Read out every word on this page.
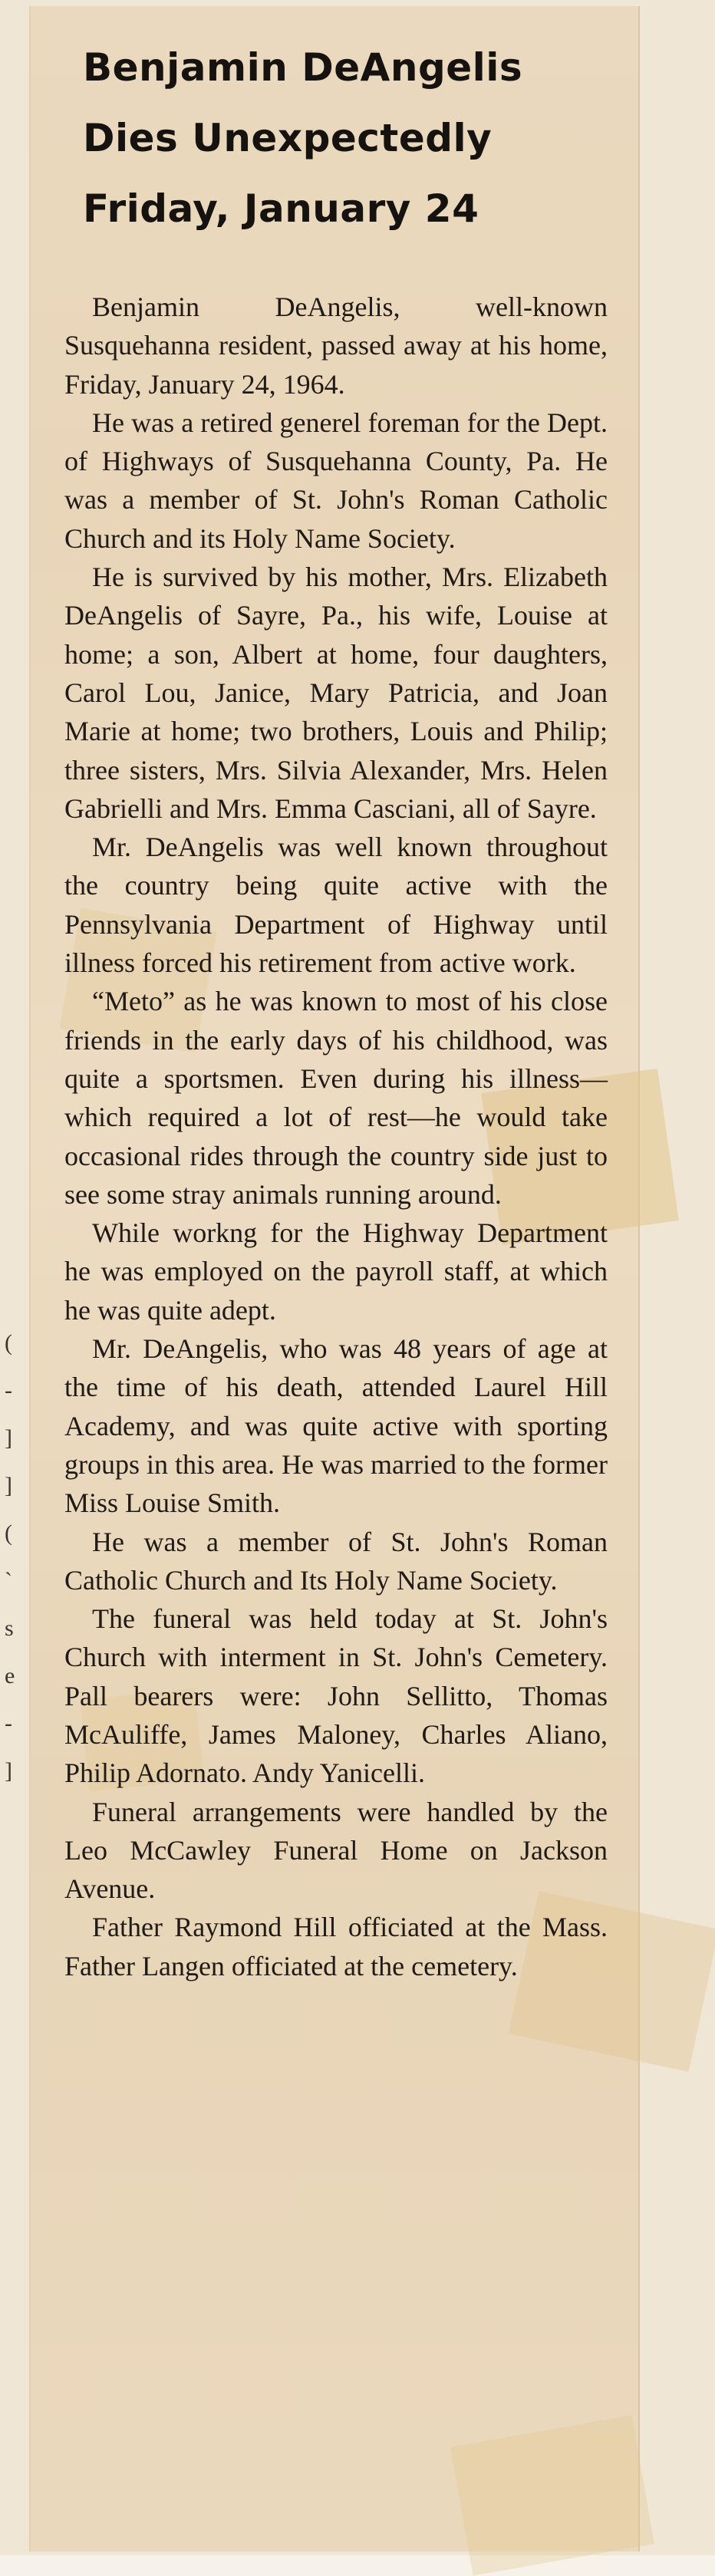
(
-
]
]
(
`
s
e
-
]
Benjamin DeAngelis
Dies Unexpectedly
Friday, January 24

Benjamin DeAngelis, well-known Susquehanna resident, passed away at his home, Friday, January 24, 1964.

He was a retired generel foreman for the Dept. of Highways of Susquehanna County, Pa. He was a member of St. John's Roman Catholic Church and its Holy Name Society.

He is survived by his mother, Mrs. Elizabeth DeAngelis of Sayre, Pa., his wife, Louise at home; a son, Albert at home, four daughters, Carol Lou, Janice, Mary Patricia, and Joan Marie at home; two brothers, Louis and Philip; three sisters, Mrs. Silvia Alexander, Mrs. Helen Gabrielli and Mrs. Emma Casciani, all of Sayre.

Mr. DeAngelis was well known throughout the country being quite active with the Pennsylvania Department of Highway until illness forced his retirement from active work.

“Meto” as he was known to most of his close friends in the early days of his childhood, was quite a sportsmen. Even during his illness—which required a lot of rest—he would take occasional rides through the country side just to see some stray animals running around.

While workng for the Highway Department he was employed on the payroll staff, at which he was quite adept.

Mr. DeAngelis, who was 48 years of age at the time of his death, attended Laurel Hill Academy, and was quite active with sporting groups in this area. He was married to the former Miss Louise Smith.

He was a member of St. John's Roman Catholic Church and Its Holy Name Society.

The funeral was held today at St. John's Church with interment in St. John's Cemetery. Pall bearers were: John Sellitto, Thomas McAuliffe, James Maloney, Charles Aliano, Philip Adornato. Andy Yanicelli.

Funeral arrangements were handled by the Leo McCawley Funeral Home on Jackson Avenue.

Father Raymond Hill officiated at the Mass. Father Langen officiated at the cemetery.
